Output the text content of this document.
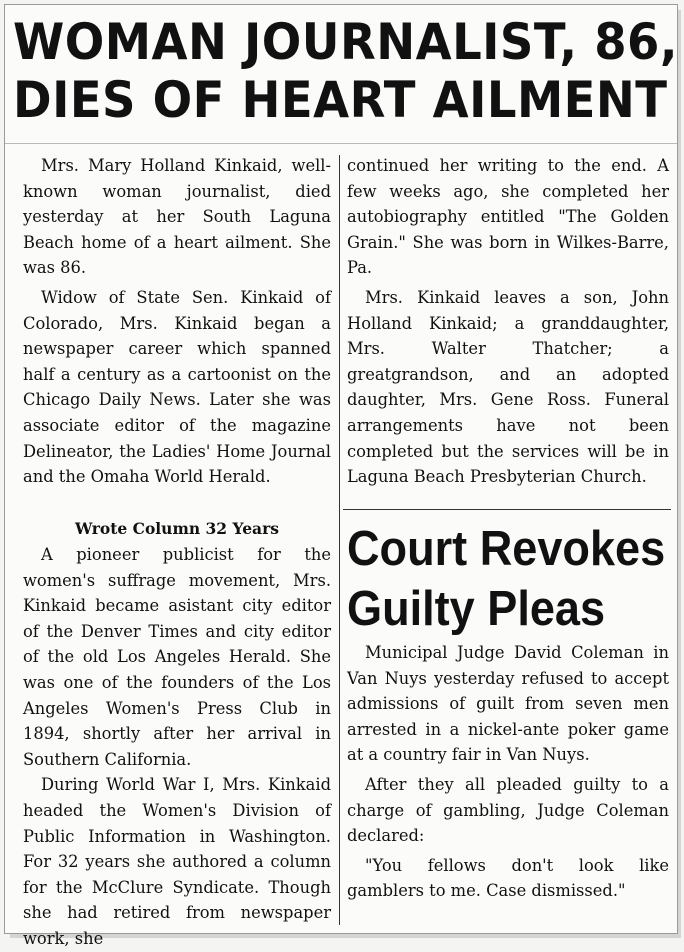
WOMAN JOURNALIST, 86,
DIES OF HEART AILMENT

Mrs. Mary Holland Kinkaid, well-known woman journalist, died yesterday at her South Laguna Beach home of a heart ailment. She was 86.

Widow of State Sen. Kinkaid of Colorado, Mrs. Kinkaid began a newspaper career which spanned half a century as a cartoonist on the Chicago Daily News. Later she was associate editor of the magazine Delineator, the Ladies' Home Journal and the Omaha World Herald.

Wrote Column 32 Years

A pioneer publicist for the women's suffrage movement, Mrs. Kinkaid became asistant city editor of the Denver Times and city editor of the old Los Angeles Herald. She was one of the founders of the Los Angeles Women's Press Club in 1894, shortly after her arrival in Southern California.

During World War I, Mrs. Kinkaid headed the Women's Division of Public Information in Washington. For 32 years she authored a column for the McClure Syndicate. Though she had retired from newspaper work, she

continued her writing to the end. A few weeks ago, she completed her autobiography entitled "The Golden Grain." She was born in Wilkes-Barre, Pa.

Mrs. Kinkaid leaves a son, John Holland Kinkaid; a granddaughter, Mrs. Walter Thatcher; a greatgrandson, and an adopted daughter, Mrs. Gene Ross. Funeral arrangements have not been completed but the services will be in Laguna Beach Presbyterian Church.

Court Revokes
Guilty Pleas

Municipal Judge David Coleman in Van Nuys yesterday refused to accept admissions of guilt from seven men arrested in a nickel-ante poker game at a country fair in Van Nuys.

After they all pleaded guilty to a charge of gambling, Judge Coleman declared:

"You fellows don't look like gamblers to me. Case dismissed."
